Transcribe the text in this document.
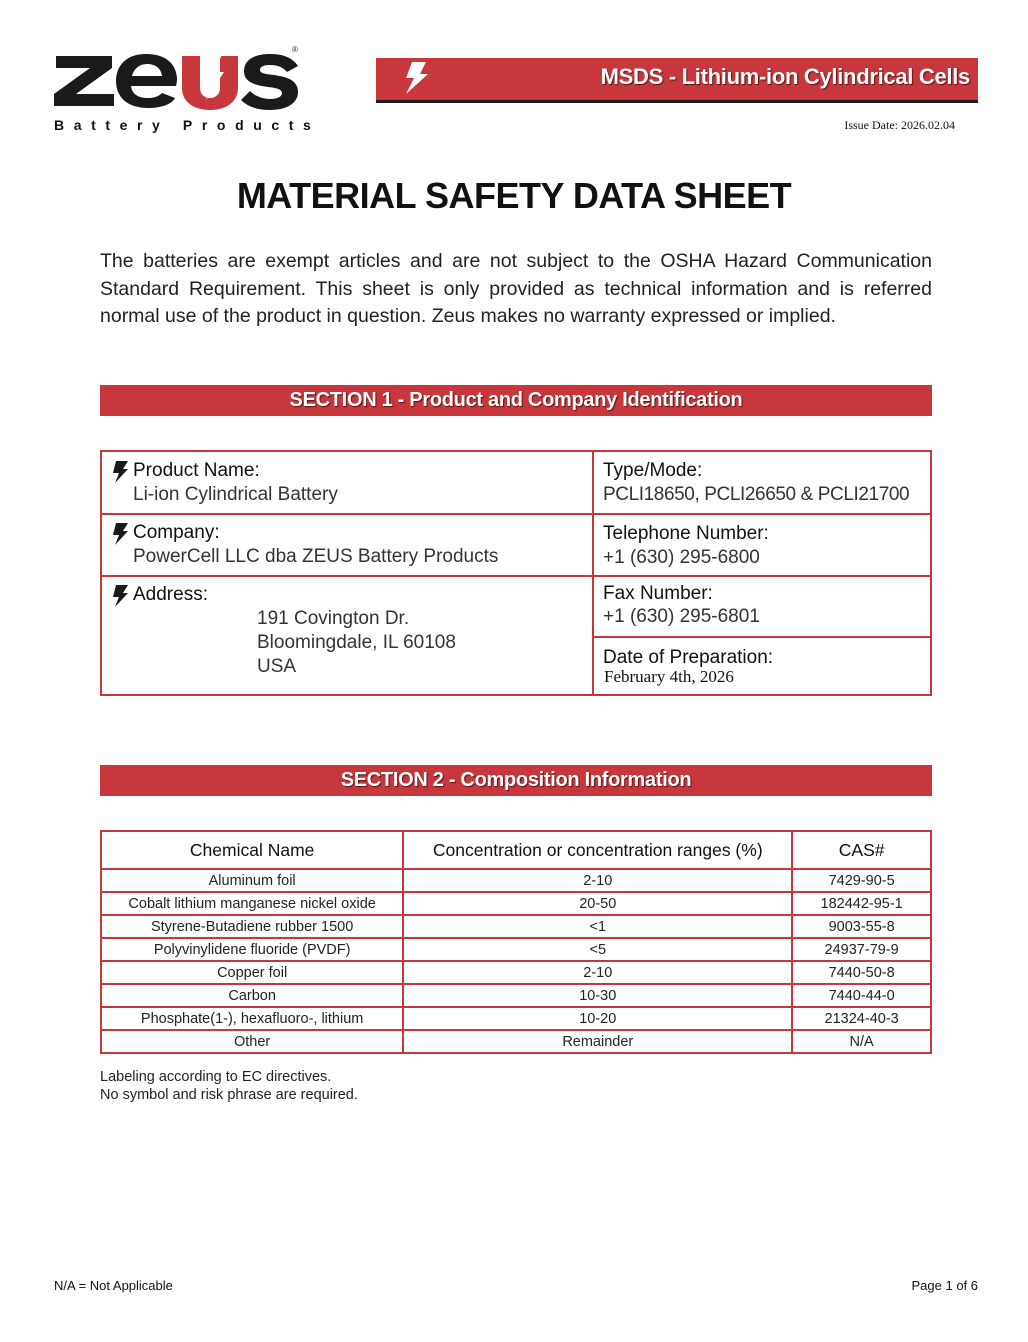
®
Battery Products
MSDS - Lithium-ion Cylindrical Cells
Issue Date: 2026.02.04
MATERIAL SAFETY DATA SHEET
The batteries are exempt articles and are not subject to the OSHA Hazard Communication Standard Requirement. This sheet is only provided as technical information and is referred normal use of the product in question. Zeus makes no warranty expressed or implied.
SECTION 1 - Product and Company Identification
Product Name:
Li-ion Cylindrical Battery
Type/Mode:
PCLI18650, PCLI26650 & PCLI21700
Company:
PowerCell LLC dba ZEUS Battery Products
Telephone Number:
+1 (630) 295-6800
Address:
191 Covington Dr.
Bloomingdale, IL 60108
USA
Fax Number:
+1 (630) 295-6801
Date of Preparation:
February 4th, 2026
SECTION 2 - Composition Information
Chemical Name	Concentration or concentration ranges (%)	CAS#
Aluminum foil	2-10	7429-90-5
Cobalt lithium manganese nickel oxide	20-50	182442-95-1
Styrene-Butadiene rubber 1500	<1	9003-55-8
Polyvinylidene fluoride (PVDF)	<5	24937-79-9
Copper foil	2-10	7440-50-8
Carbon	10-30	7440-44-0
Phosphate(1-), hexafluoro-, lithium	10-20	21324-40-3
Other	Remainder	N/A
Labeling according to EC directives.
No symbol and risk phrase are required.
N/A = Not Applicable	Page 1 of 6
